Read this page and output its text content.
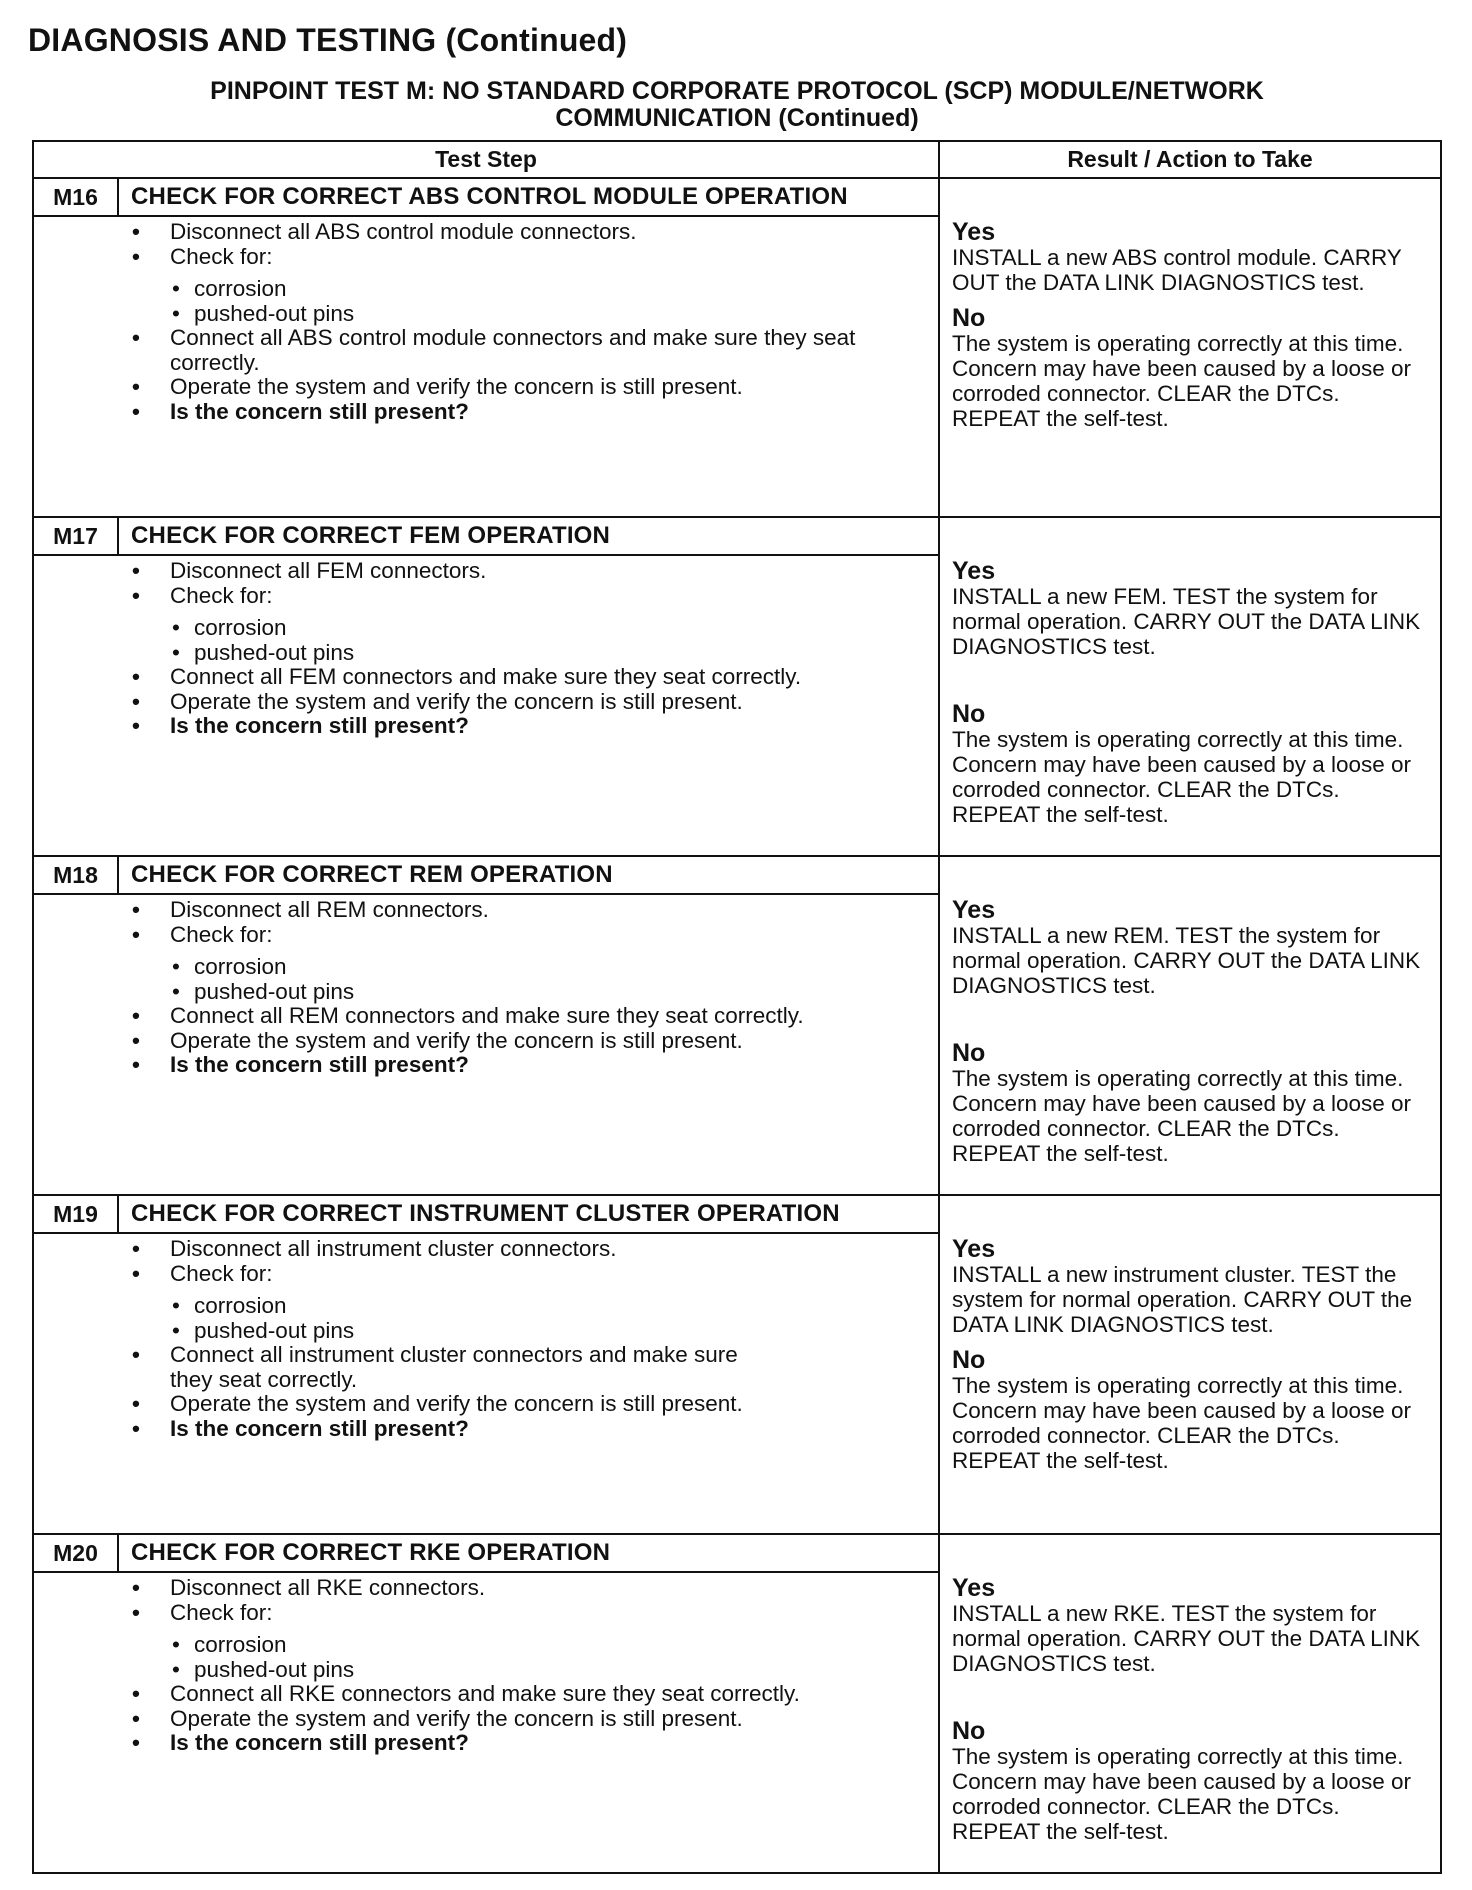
DIAGNOSIS AND TESTING (Continued)
PINPOINT TEST M: NO STANDARD CORPORATE PROTOCOL (SCP) MODULE/NETWORK
COMMUNICATION (Continued)
Test Step	Result / Action to Take
M16	CHECK FOR CORRECT ABS CONTROL MODULE OPERATION
• Disconnect all ABS control module connectors.
• Check for:
• corrosion
• pushed-out pins
• Connect all ABS control module connectors and make sure they seat correctly.
• Operate the system and verify the concern is still present.
• Is the concern still present?
Yes
INSTALL a new ABS control module. CARRY OUT the DATA LINK DIAGNOSTICS test.
No
The system is operating correctly at this time. Concern may have been caused by a loose or corroded connector. CLEAR the DTCs. REPEAT the self-test.
M17	CHECK FOR CORRECT FEM OPERATION
• Disconnect all FEM connectors.
• Check for:
• corrosion
• pushed-out pins
• Connect all FEM connectors and make sure they seat correctly.
• Operate the system and verify the concern is still present.
• Is the concern still present?
Yes
INSTALL a new FEM. TEST the system for normal operation. CARRY OUT the DATA LINK DIAGNOSTICS test.
No
The system is operating correctly at this time. Concern may have been caused by a loose or corroded connector. CLEAR the DTCs. REPEAT the self-test.
M18	CHECK FOR CORRECT REM OPERATION
• Disconnect all REM connectors.
• Check for:
• corrosion
• pushed-out pins
• Connect all REM connectors and make sure they seat correctly.
• Operate the system and verify the concern is still present.
• Is the concern still present?
Yes
INSTALL a new REM. TEST the system for normal operation. CARRY OUT the DATA LINK DIAGNOSTICS test.
No
The system is operating correctly at this time. Concern may have been caused by a loose or corroded connector. CLEAR the DTCs. REPEAT the self-test.
M19	CHECK FOR CORRECT INSTRUMENT CLUSTER OPERATION
• Disconnect all instrument cluster connectors.
• Check for:
• corrosion
• pushed-out pins
• Connect all instrument cluster connectors and make sure they seat correctly.
• Operate the system and verify the concern is still present.
• Is the concern still present?
Yes
INSTALL a new instrument cluster. TEST the system for normal operation. CARRY OUT the DATA LINK DIAGNOSTICS test.
No
The system is operating correctly at this time. Concern may have been caused by a loose or corroded connector. CLEAR the DTCs. REPEAT the self-test.
M20	CHECK FOR CORRECT RKE OPERATION
• Disconnect all RKE connectors.
• Check for:
• corrosion
• pushed-out pins
• Connect all RKE connectors and make sure they seat correctly.
• Operate the system and verify the concern is still present.
• Is the concern still present?
Yes
INSTALL a new RKE. TEST the system for normal operation. CARRY OUT the DATA LINK DIAGNOSTICS test.
No
The system is operating correctly at this time. Concern may have been caused by a loose or corroded connector. CLEAR the DTCs. REPEAT the self-test.
